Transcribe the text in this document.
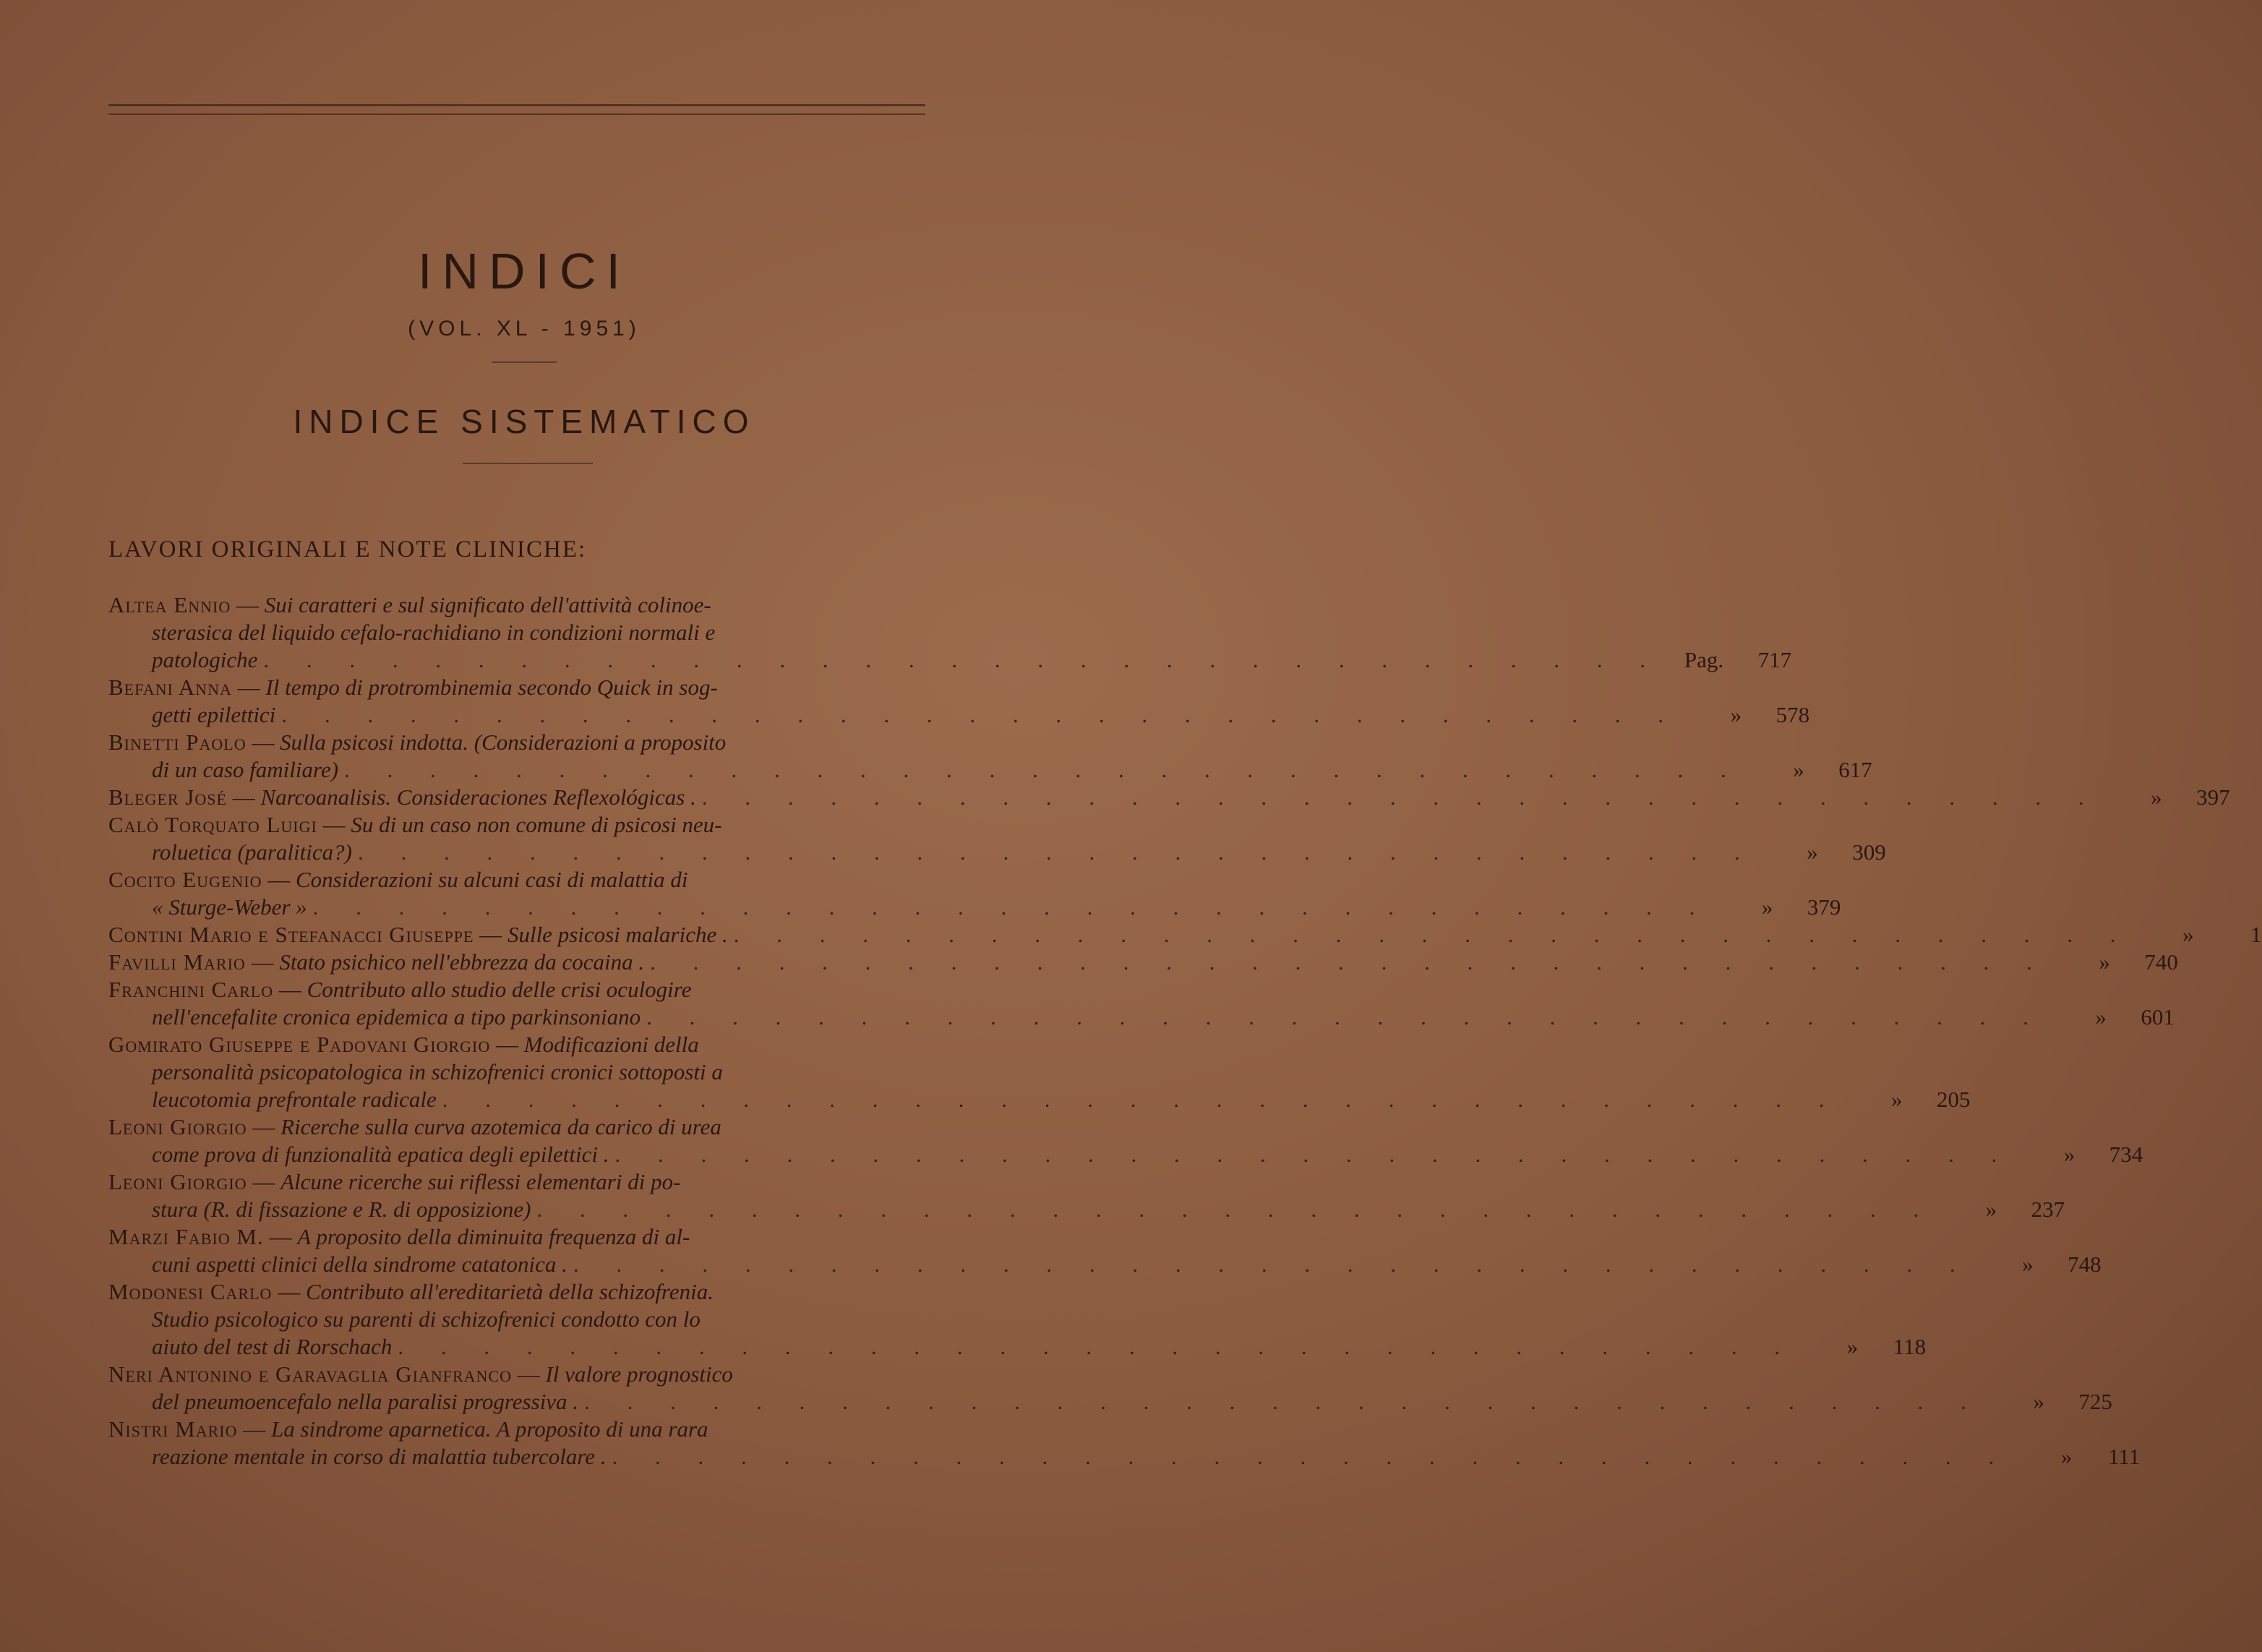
INDICI
(VOL. XL - 1951)
INDICE SISTEMATICO
LAVORI ORIGINALI E NOTE CLINICHE:
Altea Ennio — Sui caratteri e sul significato dell'attività colinoe-
sterasica del liquido cefalo-rachidiano in condizioni normali e
patologiche . . . . . . . . . . . . . . . . . . . . . . . . . . . . . . . . .	Pag.	717
Befani Anna — Il tempo di protrombinemia secondo Quick in sog-
getti epilettici . . . . . . . . . . . . . . . . . . . . . . . . . . . . . . . . .	»	578
Binetti Paolo — Sulla psicosi indotta. (Considerazioni a proposito
di un caso familiare) . . . . . . . . . . . . . . . . . . . . . . . . . . . . . . . . .	»	617
Bleger José — Narcoanalisis. Consideraciones Reflexológicas . . . . . . . . . . . . . . . . . . . . . . . . . . . . . . . . . .	»	397
Calò Torquato Luigi — Su di un caso non comune di psicosi neu-
roluetica (paralitica?) . . . . . . . . . . . . . . . . . . . . . . . . . . . . . . . . .	»	309
Cocito Eugenio — Considerazioni su alcuni casi di malattia di
« Sturge-Weber » . . . . . . . . . . . . . . . . . . . . . . . . . . . . . . . . .	»	379
Contini Mario e Stefanacci Giuseppe — Sulle psicosi malariche . . . . . . . . . . . . . . . . . . . . . . . . . . . . . . . . . .	»	1
Favilli Mario — Stato psichico nell'ebbrezza da cocaina . . . . . . . . . . . . . . . . . . . . . . . . . . . . . . . . . .	»	740
Franchini Carlo — Contributo allo studio delle crisi oculogire
nell'encefalite cronica epidemica a tipo parkinsoniano . . . . . . . . . . . . . . . . . . . . . . . . . . . . . . . . .	»	601
Gomirato Giuseppe e Padovani Giorgio — Modificazioni della
personalità psicopatologica in schizofrenici cronici sottoposti a
leucotomia prefrontale radicale . . . . . . . . . . . . . . . . . . . . . . . . . . . . . . . . .	»	205
Leoni Giorgio — Ricerche sulla curva azotemica da carico di urea
come prova di funzionalità epatica degli epilettici . . . . . . . . . . . . . . . . . . . . . . . . . . . . . . . . . .	»	734
Leoni Giorgio — Alcune ricerche sui riflessi elementari di po-
stura (R. di fissazione e R. di opposizione) . . . . . . . . . . . . . . . . . . . . . . . . . . . . . . . . .	»	237
Marzi Fabio M. — A proposito della diminuita frequenza di al-
cuni aspetti clinici della sindrome catatonica . . . . . . . . . . . . . . . . . . . . . . . . . . . . . . . . . .	»	748
Modonesi Carlo — Contributo all'ereditarietà della schizofrenia.
Studio psicologico su parenti di schizofrenici condotto con lo
aiuto del test di Rorschach . . . . . . . . . . . . . . . . . . . . . . . . . . . . . . . . .	»	118
Neri Antonino e Garavaglia Gianfranco — Il valore prognostico
del pneumoencefalo nella paralisi progressiva . . . . . . . . . . . . . . . . . . . . . . . . . . . . . . . . . .	»	725
Nistri Mario — La sindrome aparnetica. A proposito di una rara
reazione mentale in corso di malattia tubercolare . . . . . . . . . . . . . . . . . . . . . . . . . . . . . . . . . .	»	111
